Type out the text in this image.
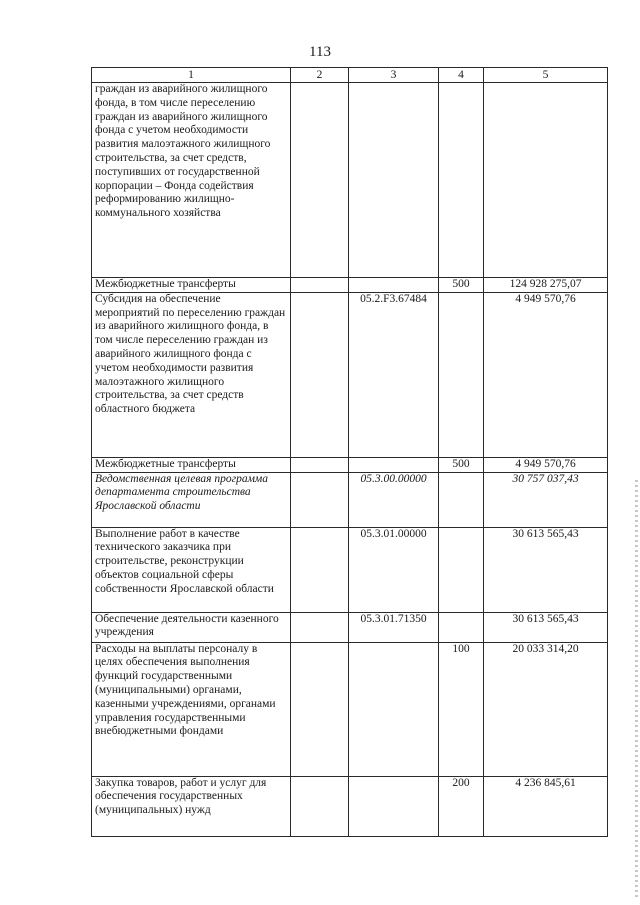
113
1	2	3	4	5
граждан из аварийного жилищного фонда, в том числе переселению граждан из аварийного жилищного фонда с учетом необходимости развития малоэтажного жилищного строительства, за счет средств, поступивших от государственной корпорации – Фонда содействия реформированию жилищно-коммунального хозяйства				
Межбюджетные трансферты			500	124 928 275,07
Субсидия на обеспечение мероприятий по переселению граждан из аварийного жилищного фонда, в том числе переселению граждан из аварийного жилищного фонда с учетом необходимости развития малоэтажного жилищного строительства, за счет средств областного бюджета		05.2.F3.67484		4 949 570,76
Межбюджетные трансферты			500	4 949 570,76
Ведомственная целевая программа департамента строительства Ярославской области		05.3.00.00000		30 757 037,43
Выполнение работ в качестве технического заказчика при строительстве, реконструкции объектов социальной сферы собственности Ярославской области		05.3.01.00000		30 613 565,43
Обеспечение деятельности казенного учреждения		05.3.01.71350		30 613 565,43
Расходы на выплаты персоналу в целях обеспечения выполнения функций государственными (муниципальными) органами, казенными учреждениями, органами управления государственными внебюджетными фондами			100	20 033 314,20
Закупка товаров, работ и услуг для обеспечения государственных (муниципальных) нужд			200	4 236 845,61
